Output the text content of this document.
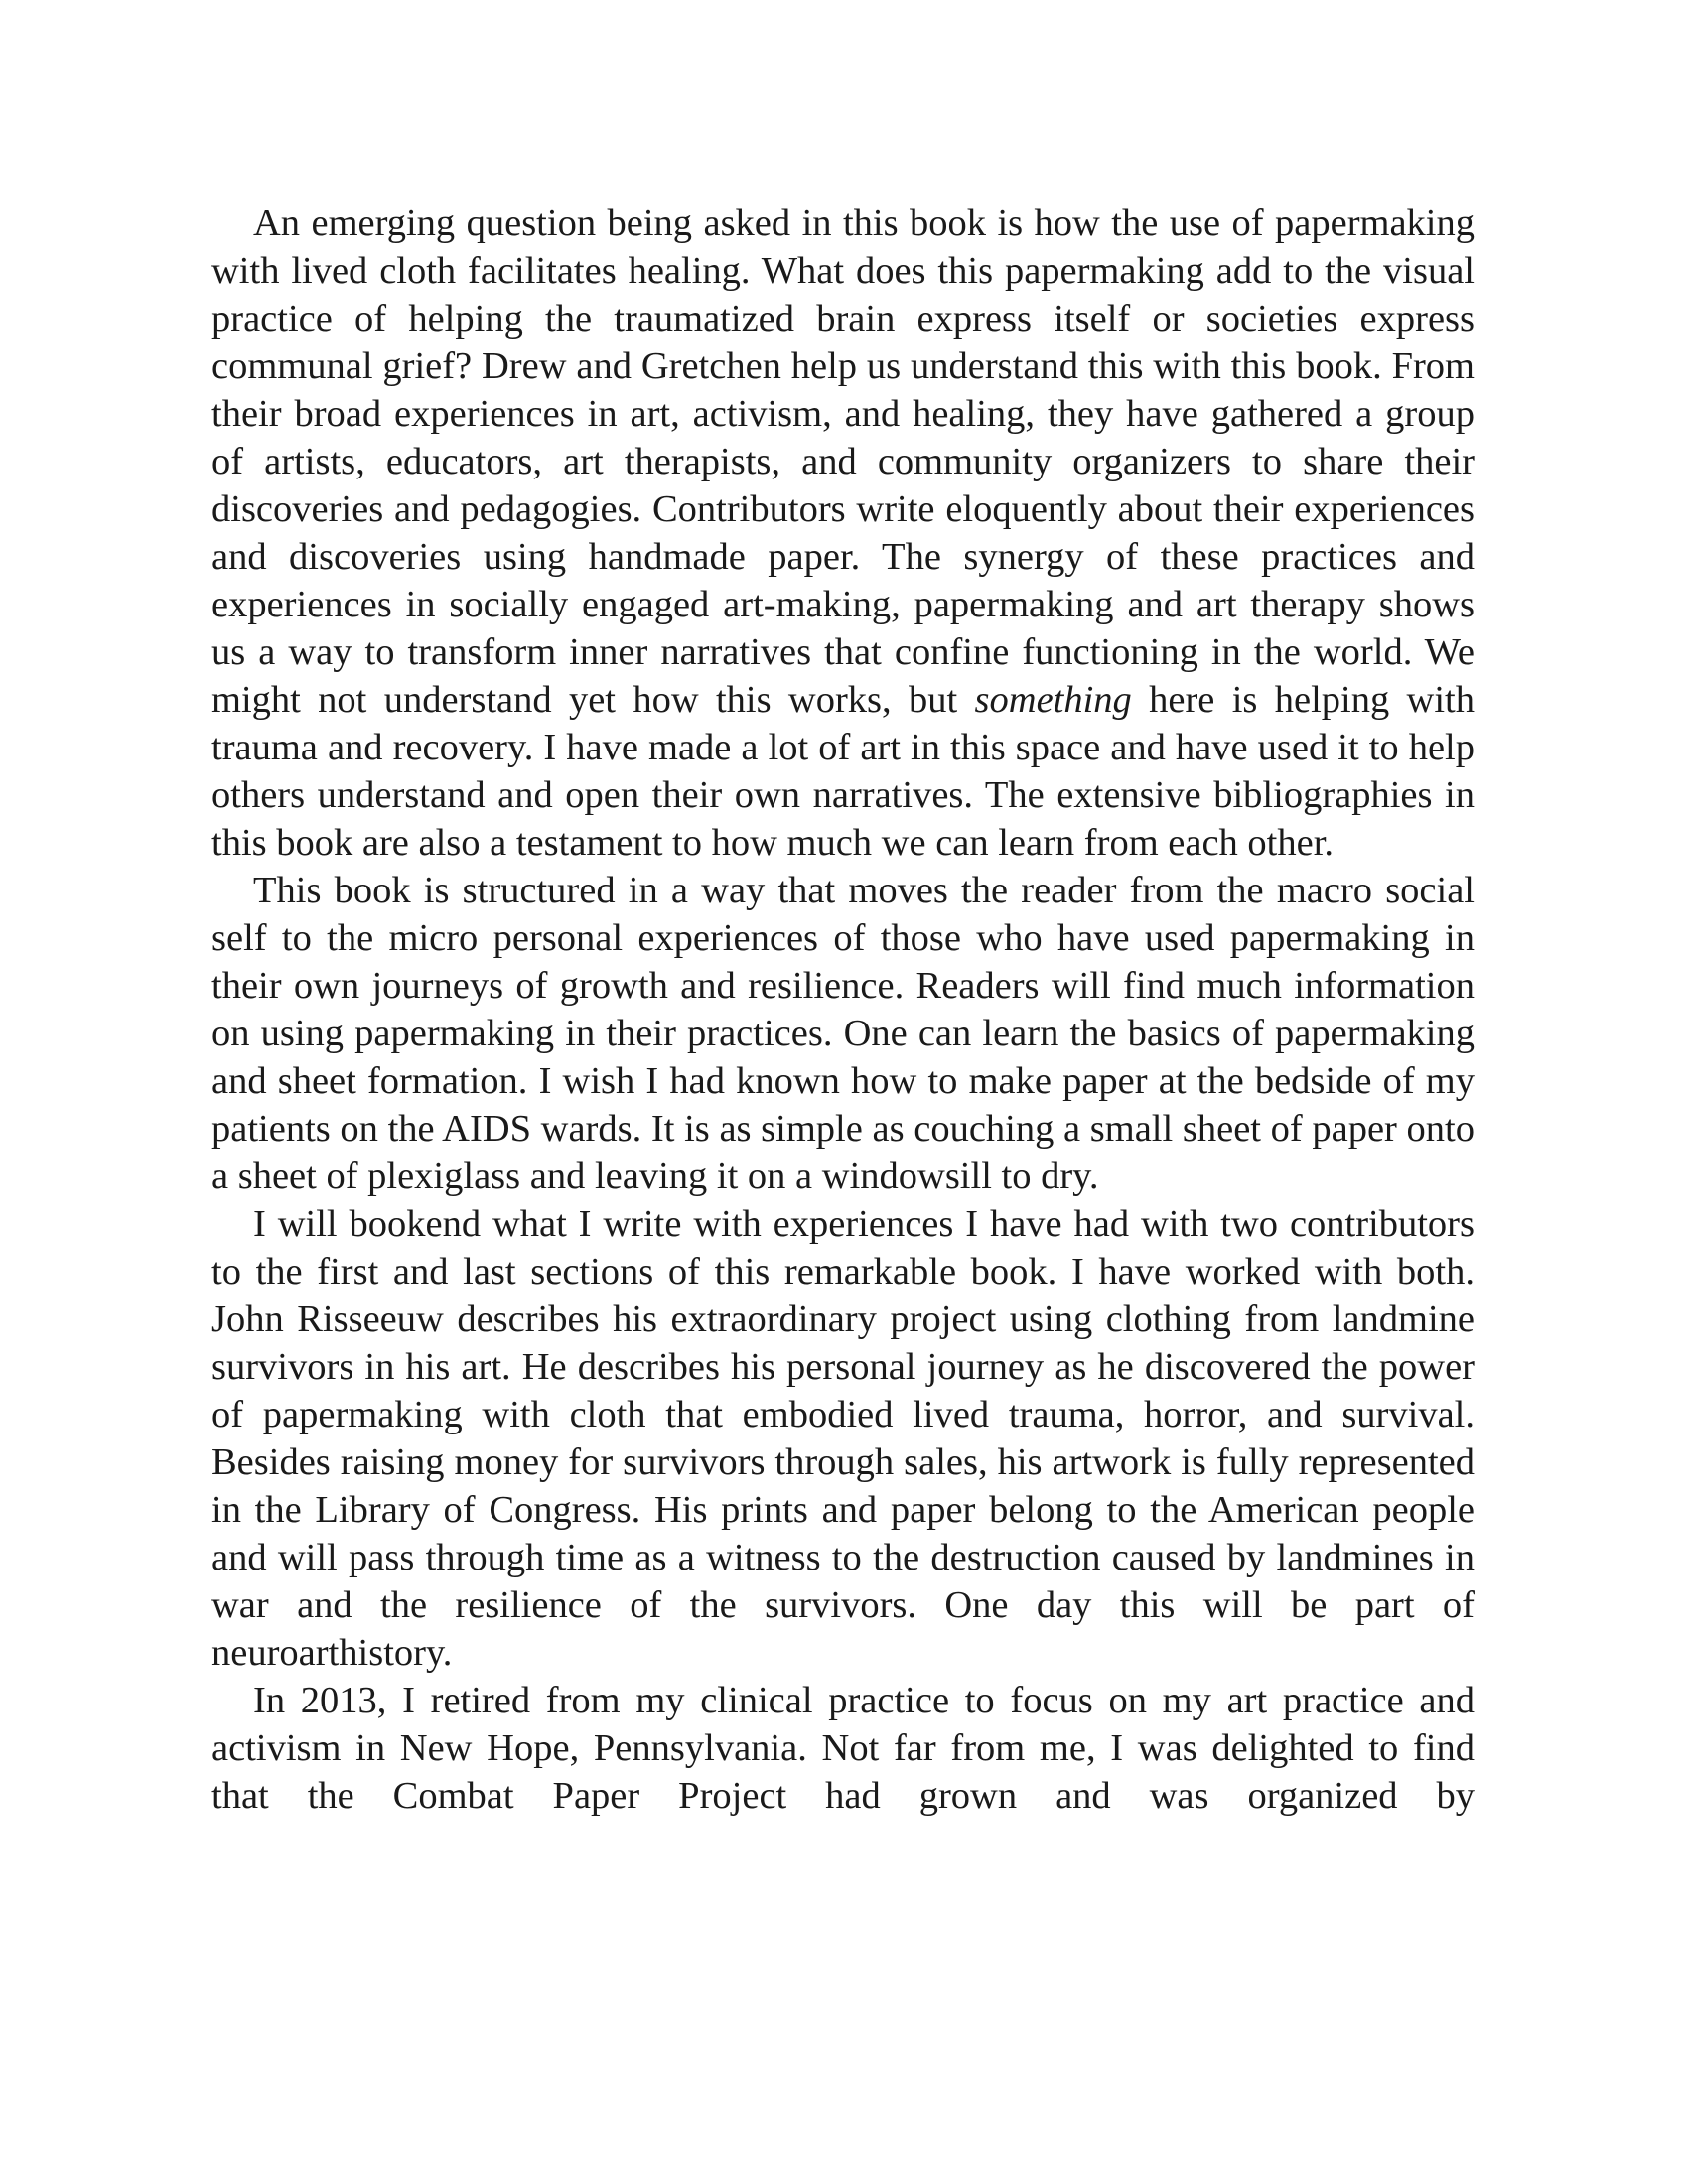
An emerging question being asked in this book is how the use of papermaking with lived cloth facilitates healing. What does this papermaking add to the visual practice of helping the traumatized brain express itself or societies express communal grief? Drew and Gretchen help us understand this with this book. From their broad experiences in art, activism, and healing, they have gathered a group of artists, educators, art therapists, and community organizers to share their discoveries and pedagogies. Contributors write eloquently about their experiences and discoveries using handmade paper. The synergy of these practices and experiences in socially engaged art-making, papermaking and art therapy shows us a way to transform inner narratives that confine functioning in the world. We might not understand yet how this works, but something here is helping with trauma and recovery. I have made a lot of art in this space and have used it to help others understand and open their own narratives. The extensive bibliographies in this book are also a testament to how much we can learn from each other.

This book is structured in a way that moves the reader from the macro social self to the micro personal experiences of those who have used papermaking in their own journeys of growth and resilience. Readers will find much information on using papermaking in their practices. One can learn the basics of papermaking and sheet formation. I wish I had known how to make paper at the bedside of my patients on the AIDS wards. It is as simple as couching a small sheet of paper onto a sheet of plexiglass and leaving it on a windowsill to dry.

I will bookend what I write with experiences I have had with two contributors to the first and last sections of this remarkable book. I have worked with both. John Risseeuw describes his extraordinary project using clothing from landmine survivors in his art. He describes his personal journey as he discovered the power of papermaking with cloth that embodied lived trauma, horror, and survival. Besides raising money for survivors through sales, his artwork is fully represented in the Library of Congress. His prints and paper belong to the American people and will pass through time as a witness to the destruction caused by landmines in war and the resilience of the survivors. One day this will be part of neuroarthistory.

In 2013, I retired from my clinical practice to focus on my art practice and activism in New Hope, Pennsylvania. Not far from me, I was delighted to find that the Combat Paper Project had grown and was organized by
